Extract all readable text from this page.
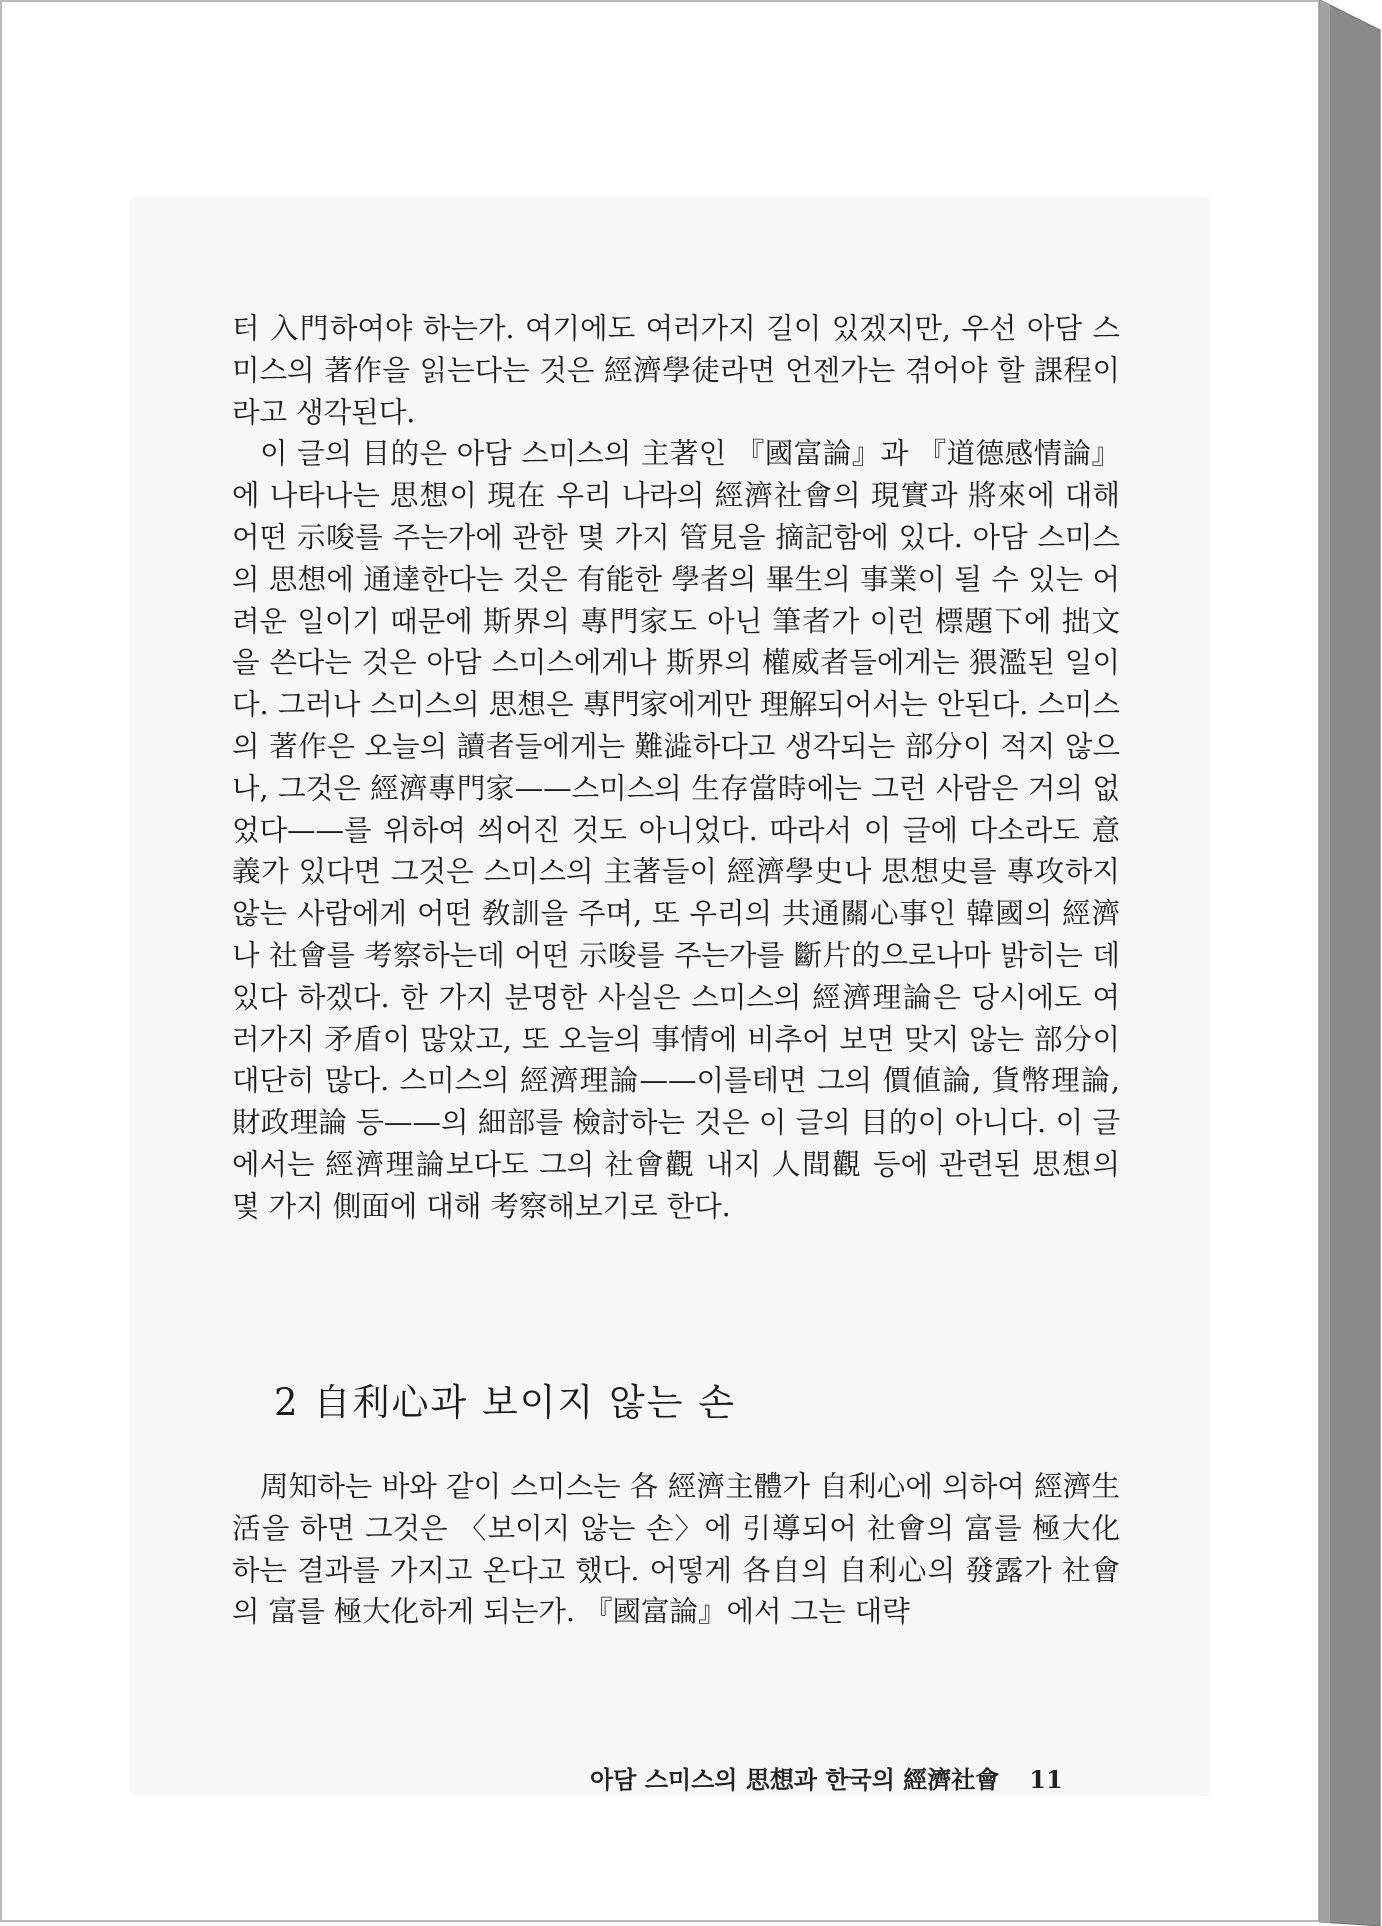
터 入門하여야 하는가. 여기에도 여러가지 길이 있겠지만, 우선 아담 스미스의 著作을 읽는다는 것은 經濟學徒라면 언젠가는 겪어야 할 課程이라고 생각된다.

이 글의 目的은 아담 스미스의 主著인 『國富論』과 『道德感情論』에 나타나는 思想이 現在 우리 나라의 經濟社會의 現實과 將來에 대해 어떤 示唆를 주는가에 관한 몇 가지 管見을 摘記함에 있다. 아담 스미스의 思想에 通達한다는 것은 有能한 學者의 畢生의 事業이 될 수 있는 어려운 일이기 때문에 斯界의 專門家도 아닌 筆者가 이런 標題下에 拙文을 쓴다는 것은 아담 스미스에게나 斯界의 權威者들에게는 猥濫된 일이다. 그러나 스미스의 思想은 專門家에게만 理解되어서는 안된다. 스미스의 著作은 오늘의 讀者들에게는 難澁하다고 생각되는 部分이 적지 않으나, 그것은 經濟專門家——스미스의 生存當時에는 그런 사람은 거의 없었다——를 위하여 씌어진 것도 아니었다. 따라서 이 글에 다소라도 意義가 있다면 그것은 스미스의 主著들이 經濟學史나 思想史를 專攻하지 않는 사람에게 어떤 敎訓을 주며, 또 우리의 共通關心事인 韓國의 經濟나 社會를 考察하는데 어떤 示唆를 주는가를 斷片的으로나마 밝히는 데 있다 하겠다. 한 가지 분명한 사실은 스미스의 經濟理論은 당시에도 여러가지 矛盾이 많았고, 또 오늘의 事情에 비추어 보면 맞지 않는 部分이 대단히 많다. 스미스의 經濟理論——이를테면 그의 價値論, 貨幣理論, 財政理論 등——의 細部를 檢討하는 것은 이 글의 目的이 아니다. 이 글에서는 經濟理論보다도 그의 社會觀 내지 人間觀 등에 관련된 思想의 몇 가지 側面에 대해 考察해보기로 한다.

2 自利心과 보이지 않는 손

周知하는 바와 같이 스미스는 各 經濟主體가 自利心에 의하여 經濟生活을 하면 그것은 〈보이지 않는 손〉에 引導되어 社會의 富를 極大化하는 결과를 가지고 온다고 했다. 어떻게 各自의 自利心의 發露가 社會의 富를 極大化하게 되는가. 『國富論』에서 그는 대략

아담 스미스의 思想과 한국의 經濟社會 11
